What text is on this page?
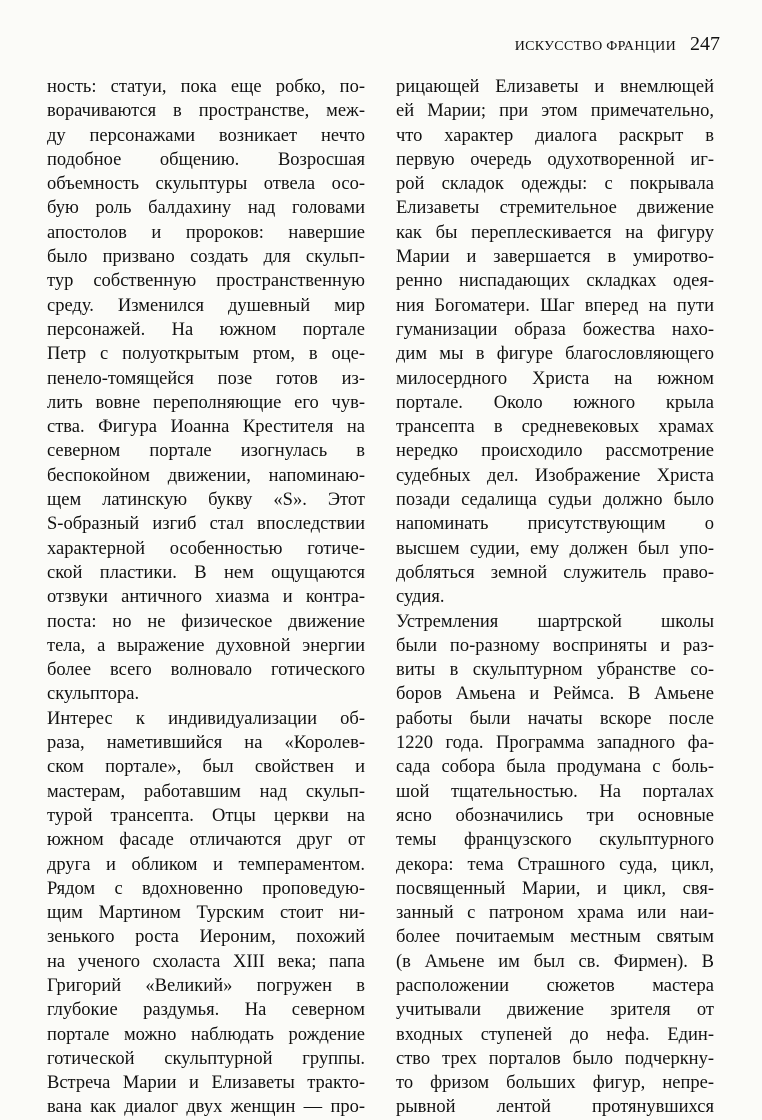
ИСКУССТВО ФРАНЦИИ 247
ность: статуи, пока еще робко, по-
ворачиваются в пространстве, меж-
ду персонажами возникает нечто
подобное общению. Возросшая
объемность скульптуры отвела осо-
бую роль балдахину над головами
апостолов и пророков: навершие
было призвано создать для скульп-
тур собственную пространственную
среду. Изменился душевный мир
персонажей. На южном портале
Петр с полуоткрытым ртом, в оце-
пенело-томящейся позе готов из-
лить вовне переполняющие его чув-
ства. Фигура Иоанна Крестителя на
северном портале изогнулась в
беспокойном движении, напоминаю-
щем латинскую букву «S». Этот
S-образный изгиб стал впоследствии
характерной особенностью готиче-
ской пластики. В нем ощущаются
отзвуки античного хиазма и контра-
поста: но не физическое движение
тела, а выражение духовной энергии
более всего волновало готического
скульптора.
Интерес к индивидуализации об-
раза, наметившийся на «Королев-
ском портале», был свойствен и
мастерам, работавшим над скульп-
турой трансепта. Отцы церкви на
южном фасаде отличаются друг от
друга и обликом и темпераментом.
Рядом с вдохновенно проповедую-
щим Мартином Турским стоит ни-
зенького роста Иероним, похожий
на ученого схоласта XIII века; папа
Григорий «Великий» погружен в
глубокие раздумья. На северном
портале можно наблюдать рождение
готической скульптурной группы.
Встреча Марии и Елизаветы тракто-
вана как диалог двух женщин — про-
рицающей Елизаветы и внемлющей
ей Марии; при этом примечательно,
что характер диалога раскрыт в
первую очередь одухотворенной иг-
рой складок одежды: с покрывала
Елизаветы стремительное движение
как бы переплескивается на фигуру
Марии и завершается в умиротво-
ренно ниспадающих складках одея-
ния Богоматери. Шаг вперед на пути
гуманизации образа божества нахо-
дим мы в фигуре благословляющего
милосердного Христа на южном
портале. Около южного крыла
трансепта в средневековых храмах
нередко происходило рассмотрение
судебных дел. Изображение Христа
позади седалища судьи должно было
напоминать присутствующим о
высшем судии, ему должен был упо-
добляться земной служитель право-
судия.
Устремления шартрской школы
были по-разному восприняты и раз-
виты в скульптурном убранстве со-
боров Амьена и Реймса. В Амьене
работы были начаты вскоре после
1220 года. Программа западного фа-
сада собора была продумана с боль-
шой тщательностью. На порталах
ясно обозначились три основные
темы французского скульптурного
декора: тема Страшного суда, цикл,
посвященный Марии, и цикл, свя-
занный с патроном храма или наи-
более почитаемым местным святым
(в Амьене им был св. Фирмен). В
расположении сюжетов мастера
учитывали движение зрителя от
входных ступеней до нефа. Един-
ство трех порталов было подчеркну-
то фризом больших фигур, непре-
рывной лентой протянувшихся
